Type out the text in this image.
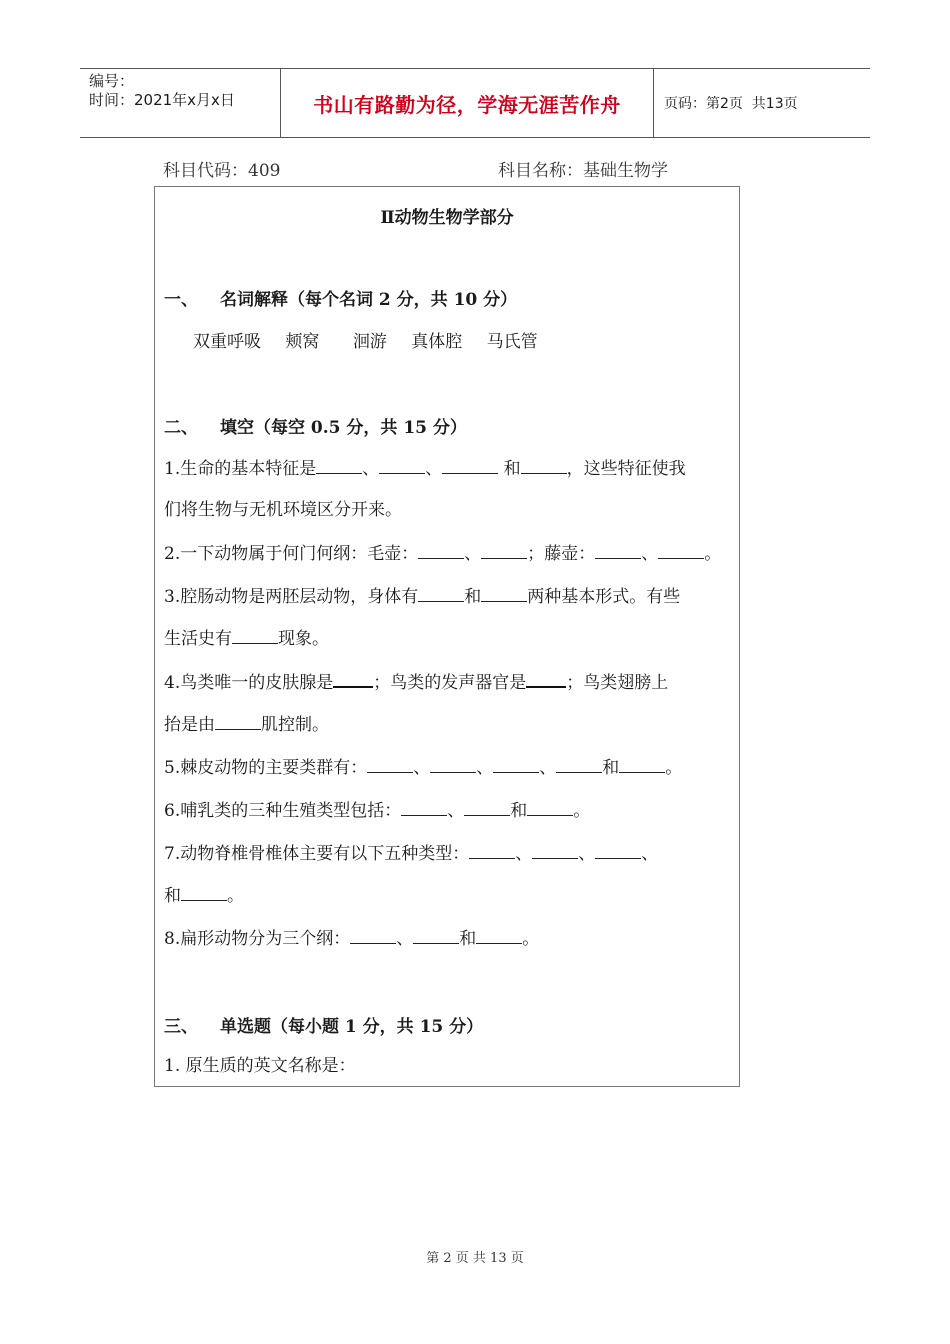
编号：
时间：2021年x月x日	书山有路勤为径，学海无涯苦作舟	页码：第2页  共13页
科目代码：409	科目名称：基础生物学
Ⅱ动物生物学部分
一、 名词解释（每个名词 2 分，共 10 分）
双重呼吸 颊窝 洄游 真体腔 马氏管
二、 填空（每空 0.5 分，共 15 分）
1.生命的基本特征是	、	、	和	，这些特征使我
们将生物与无机环境区分开来。
2.一下动物属于何门何纲：毛壶：	、	；藤壶：	、	。
3.腔肠动物是两胚层动物，身体有	和	两种基本形式。有些
生活史有	现象。
4.鸟类唯一的皮肤腺是 ；鸟类的发声器官是 ；鸟类翅膀上
抬是由	肌控制。
5.棘皮动物的主要类群有：	、	、	、	和	。
6.哺乳类的三种生殖类型包括：	、	和	。
7.动物脊椎骨椎体主要有以下五种类型：	、	、	、
和	。
8.扁形动物分为三个纲：	、	和	。
三、 单选题（每小题 1 分，共 15 分）
1. 原生质的英文名称是：
第 2 页 共 13 页
